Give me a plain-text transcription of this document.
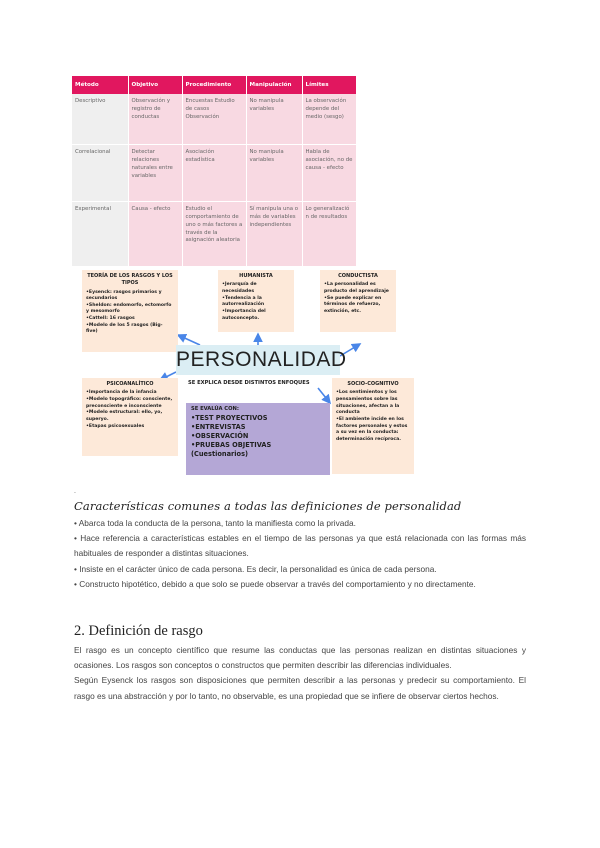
Método	Objetivo	Procedimiento	Manipulación	Límites
Descriptivo	Observación y registro de conductas	Encuestas Estudio de casos Observación	No manipula variables	La observación depende del medio (sesgo)
Correlacional	Detectar relaciones naturales entre variables	Asociación estadística	No manipula variables	Habla de asociación, no de causa - efecto
Experimental	Causa - efecto	Estudio el comportamiento de uno o más factores a través de la asignación aleatoria	Sí manipula una o más de variables independientes	Lo generalizació n de resultados
TEORÍA DE LOS RASGOS Y LOS TIPOS
•Eysenck: rasgos primarios y secundarios
•Sheldon: endomorfo, ectomorfo y mesomorfo
•Cattell: 16 rasgos
•Modelo de los 5 rasgos (Big-five)
HUMANISTA
•Jerarquía de necesidades
•Tendencia a la autorrealización
•Importancia del autoconcepto.
CONDUCTISTA
•La personalidad es producto del aprendizaje
•Se puede explicar en términos de refuerzo, extinción, etc.
PERSONALIDAD
SE EXPLICA DESDE DISTINTOS ENFOQUES
PSICOANALÍTICO
•Importancia de la infancia
•Modelo topográfico: consciente, preconsciente e inconsciente
•Modelo estructural: ello, yo, superyo.
•Etapas psicosexuales
SE EVALÚA CON:
•TEST PROYECTIVOS
•ENTREVISTAS
•OBSERVACIÓN
•PRUEBAS OBJETIVAS (Cuestionarios)
SOCIO-COGNITIVO
•Los sentimientos y los pensamientos sobre las situaciones, afectan a la conducta
•El ambiente incide en los factores personales y estos a su vez en la conducta: determinación recíproca.
.
Características comunes a todas las definiciones de personalidad

• Abarca toda la conducta de la persona, tanto la manifiesta como la privada.

• Hace referencia a características estables en el tiempo de las personas ya que está relacionada con las formas más habituales de responder a distintas situaciones.

• Insiste en el carácter único de cada persona. Es decir, la personalidad es única de cada persona.

• Constructo hipotético, debido a que solo se puede observar a través del comportamiento y no directamente.

2. Definición de rasgo

El rasgo es un concepto científico que resume las conductas que las personas realizan en distintas situaciones y ocasiones. Los rasgos son conceptos o constructos que permiten describir las diferencias individuales.

Según Eysenck los rasgos son disposiciones que permiten describir a las personas y predecir su comportamiento. El rasgo es una abstracción y por lo tanto, no observable, es una propiedad que se infiere de observar ciertos hechos.
